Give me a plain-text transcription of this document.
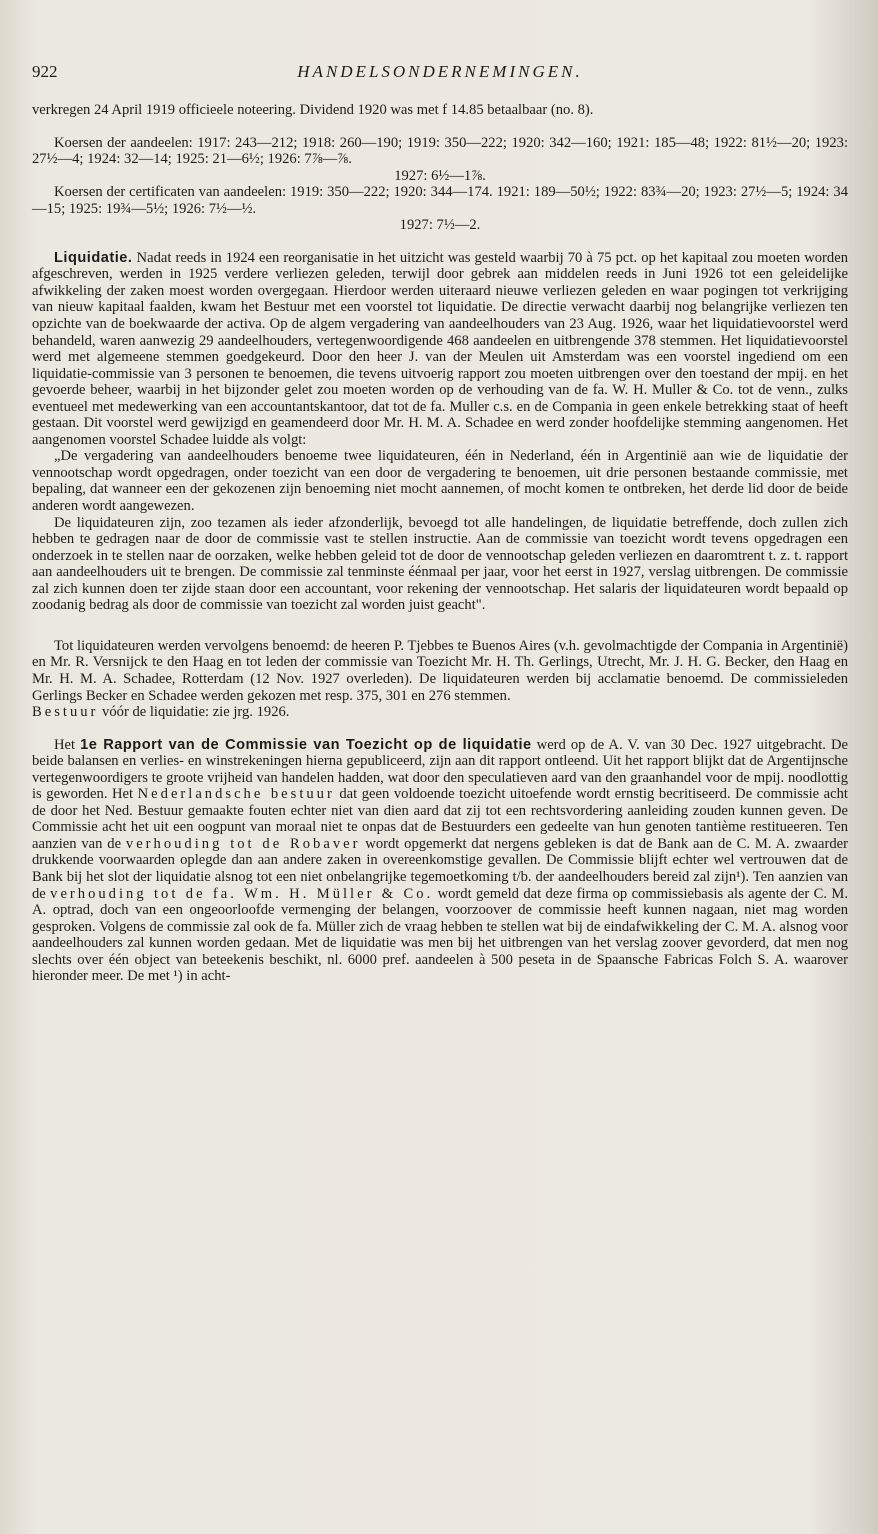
922	HANDELSONDERNEMINGEN.

verkregen 24 April 1919 officieele noteering. Dividend 1920 was met f 14.85 betaalbaar (no. 8).

Koersen der aandeelen: 1917: 243—212; 1918: 260—190; 1919: 350—222; 1920: 342—160; 1921: 185—48; 1922: 81½—20; 1923: 27½—4; 1924: 32—14; 1925: 21—6½; 1926: 7⅞—⅞.

1927: 6½—1⅞.

Koersen der certificaten van aandeelen: 1919: 350—222; 1920: 344—174. 1921: 189—50½; 1922: 83¾—20; 1923: 27½—5; 1924: 34—15; 1925: 19¾—5½; 1926: 7½—½.

1927: 7½—2.

Liquidatie. Nadat reeds in 1924 een reorganisatie in het uitzicht was gesteld waarbij 70 à 75 pct. op het kapitaal zou moeten worden afgeschreven, werden in 1925 verdere verliezen geleden, terwijl door gebrek aan middelen reeds in Juni 1926 tot een geleidelijke afwikkeling der zaken moest worden overgegaan. Hierdoor werden uiteraard nieuwe verliezen geleden en waar pogingen tot verkrijging van nieuw kapitaal faalden, kwam het Bestuur met een voorstel tot liquidatie. De directie verwacht daarbij nog belangrijke verliezen ten opzichte van de boekwaarde der activa. Op de algem vergadering van aandeelhouders van 23 Aug. 1926, waar het liquidatievoorstel werd behandeld, waren aanwezig 29 aandeelhouders, vertegenwoordigende 468 aandeelen en uitbrengende 378 stemmen. Het liquidatievoorstel werd met algemeene stemmen goedgekeurd. Door den heer J. van der Meulen uit Amsterdam was een voorstel ingediend om een liquidatie-commissie van 3 personen te benoemen, die tevens uitvoerig rapport zou moeten uitbrengen over den toestand der mpij. en het gevoerde beheer, waarbij in het bijzonder gelet zou moeten worden op de verhouding van de fa. W. H. Muller & Co. tot de venn., zulks eventueel met medewerking van een accountantskantoor, dat tot de fa. Muller c.s. en de Compania in geen enkele betrekking staat of heeft gestaan. Dit voorstel werd gewijzigd en geamendeerd door Mr. H. M. A. Schadee en werd zonder hoofdelijke stemming aangenomen. Het aangenomen voorstel Schadee luidde als volgt:

„De vergadering van aandeelhouders benoeme twee liquidateuren, één in Nederland, één in Argentinië aan wie de liquidatie der vennootschap wordt opgedragen, onder toezicht van een door de vergadering te benoemen, uit drie personen bestaande commissie, met bepaling, dat wanneer een der gekozenen zijn benoeming niet mocht aannemen, of mocht komen te ontbreken, het derde lid door de beide anderen wordt aangewezen.

De liquidateuren zijn, zoo tezamen als ieder afzonderlijk, bevoegd tot alle handelingen, de liquidatie betreffende, doch zullen zich hebben te gedragen naar de door de commissie vast te stellen instructie. Aan de commissie van toezicht wordt tevens opgedragen een onderzoek in te stellen naar de oorzaken, welke hebben geleid tot de door de vennootschap geleden verliezen en daaromtrent t. z. t. rapport aan aandeelhouders uit te brengen. De commissie zal tenminste éénmaal per jaar, voor het eerst in 1927, verslag uitbrengen. De commissie zal zich kunnen doen ter zijde staan door een accountant, voor rekening der vennootschap. Het salaris der liquidateuren wordt bepaald op zoodanig bedrag als door de commissie van toezicht zal worden juist geacht".

Tot liquidateuren werden vervolgens benoemd: de heeren P. Tjebbes te Buenos Aires (v.h. gevolmachtigde der Compania in Argentinië) en Mr. R. Versnijck te den Haag en tot leden der commissie van Toezicht Mr. H. Th. Gerlings, Utrecht, Mr. J. H. G. Becker, den Haag en Mr. H. M. A. Schadee, Rotterdam (12 Nov. 1927 overleden). De liquidateuren werden bij acclamatie benoemd. De commissieleden Gerlings Becker en Schadee werden gekozen met resp. 375, 301 en 276 stemmen.

Bestuur vóór de liquidatie: zie jrg. 1926.

Het 1e Rapport van de Commissie van Toezicht op de liquidatie werd op de A. V. van 30 Dec. 1927 uitgebracht. De beide balansen en verlies- en winstrekeningen hierna gepubliceerd, zijn aan dit rapport ontleend. Uit het rapport blijkt dat de Argentijnsche vertegenwoordigers te groote vrijheid van handelen hadden, wat door den speculatieven aard van den graanhandel voor de mpij. noodlottig is geworden. Het Nederlandsche bestuur dat geen voldoende toezicht uitoefende wordt ernstig becritiseerd. De commissie acht de door het Ned. Bestuur gemaakte fouten echter niet van dien aard dat zij tot een rechtsvordering aanleiding zouden kunnen geven. De Commissie acht het uit een oogpunt van moraal niet te onpas dat de Bestuurders een gedeelte van hun genoten tantième restitueeren. Ten aanzien van de verhouding tot de Robaver wordt opgemerkt dat nergens gebleken is dat de Bank aan de C. M. A. zwaarder drukkende voorwaarden oplegde dan aan andere zaken in overeenkomstige gevallen. De Commissie blijft echter wel vertrouwen dat de Bank bij het slot der liquidatie alsnog tot een niet onbelangrijke tegemoetkoming t/b. der aandeelhouders bereid zal zijn¹). Ten aanzien van de verhouding tot de fa. Wm. H. Müller & Co. wordt gemeld dat deze firma op commissiebasis als agente der C. M. A. optrad, doch van een ongeoorloofde vermenging der belangen, voorzoover de commissie heeft kunnen nagaan, niet mag worden gesproken. Volgens de commissie zal ook de fa. Müller zich de vraag hebben te stellen wat bij de eindafwikkeling der C. M. A. alsnog voor aandeelhouders zal kunnen worden gedaan. Met de liquidatie was men bij het uitbrengen van het verslag zoover gevorderd, dat men nog slechts over één object van beteekenis beschikt, nl. 6000 pref. aandeelen à 500 peseta in de Spaansche Fabricas Folch S. A. waarover hieronder meer. De met ¹) in acht-
